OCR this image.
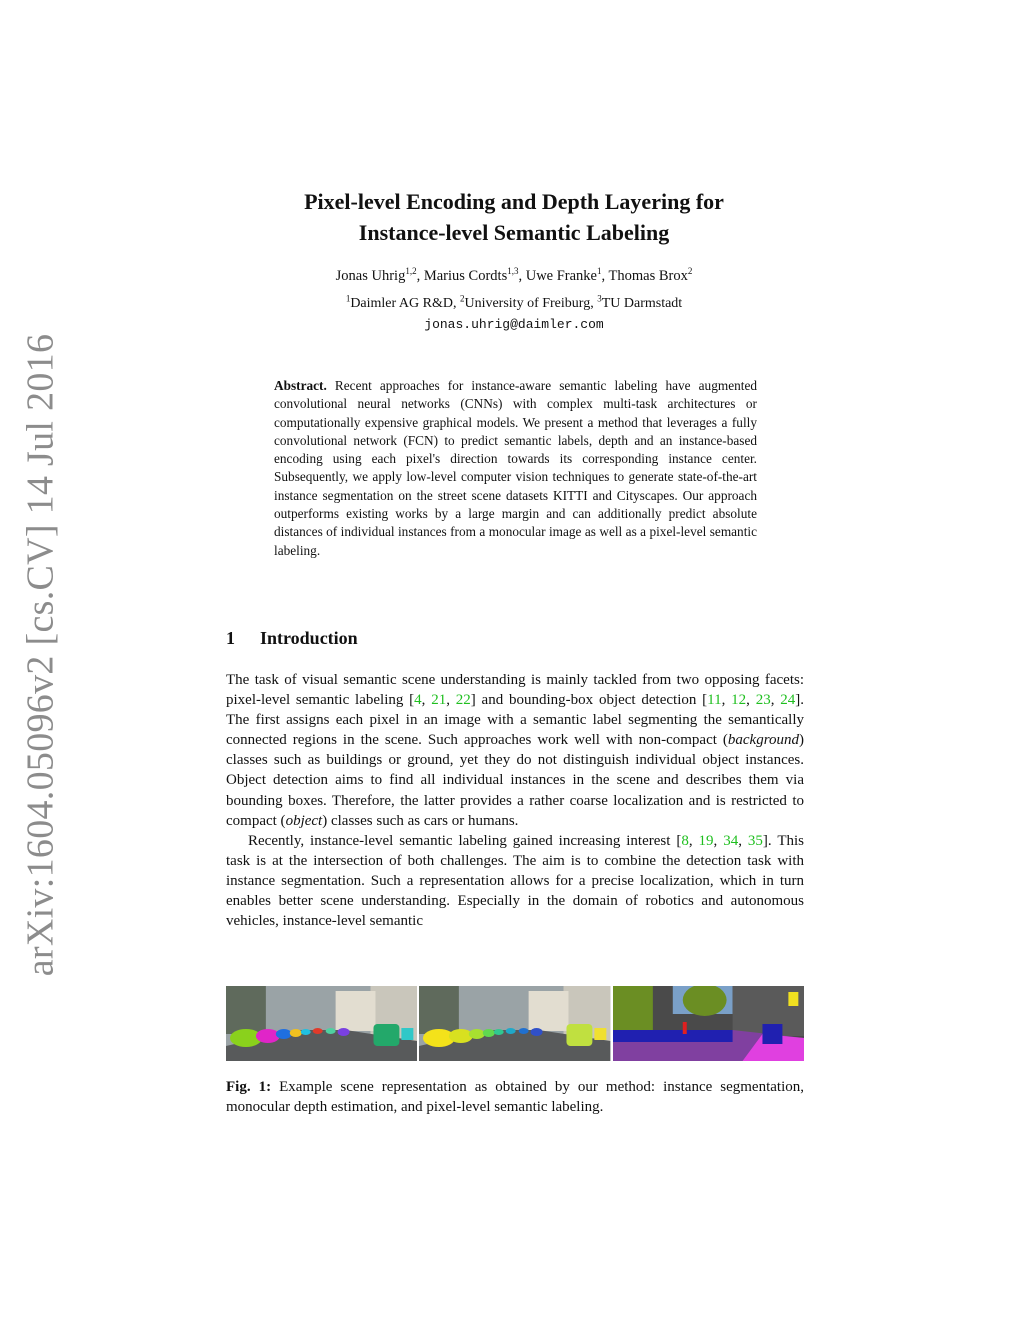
arXiv:1604.05096v2 [cs.CV] 14 Jul 2016
Pixel-level Encoding and Depth Layering for
Instance-level Semantic Labeling
Jonas Uhrig$^{1,2}$, Marius Cordts$^{1,3}$, Uwe Franke$^1$, Thomas Brox$^2$
$^1$Daimler AG R&D, $^2$University of Freiburg, $^3$TU Darmstadt
jonas.uhrig@daimler.com
Abstract. Recent approaches for instance-aware semantic labeling have augmented convolutional neural networks (CNNs) with complex multi-task architectures or computationally expensive graphical models. We present a method that leverages a fully convolutional network (FCN) to predict semantic labels, depth and an instance-based encoding using each pixel's direction towards its corresponding instance center. Subsequently, we apply low-level computer vision techniques to generate state-of-the-art instance segmentation on the street scene datasets KITTI and Cityscapes. Our approach outperforms existing works by a large margin and can additionally predict absolute distances of individual instances from a monocular image as well as a pixel-level semantic labeling.
1 Introduction

The task of visual semantic scene understanding is mainly tackled from two opposing facets: pixel-level semantic labeling [4, 21, 22] and bounding-box object detection [11, 12, 23, 24]. The first assigns each pixel in an image with a semantic label segmenting the semantically connected regions in the scene. Such approaches work well with non-compact (background) classes such as buildings or ground, yet they do not distinguish individual object instances. Object detection aims to find all individual instances in the scene and describes them via bounding boxes. Therefore, the latter provides a rather coarse localization and is restricted to compact (object) classes such as cars or humans.

Recently, instance-level semantic labeling gained increasing interest [8, 19, 34, 35]. This task is at the intersection of both challenges. The aim is to combine the detection task with instance segmentation. Such a representation allows for a precise localization, which in turn enables better scene understanding. Especially in the domain of robotics and autonomous vehicles, instance-level semantic

Fig. 1: Example scene representation as obtained by our method: instance segmentation, monocular depth estimation, and pixel-level semantic labeling.
